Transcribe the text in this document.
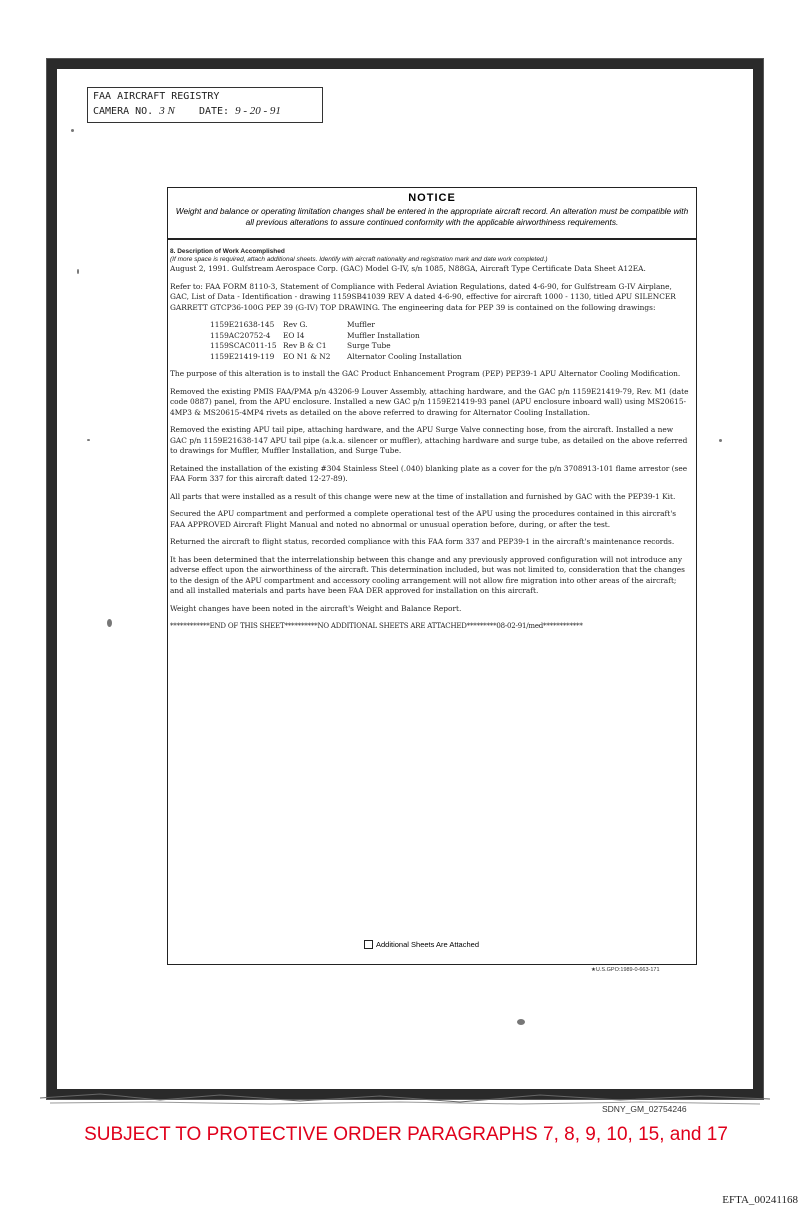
FAA AIRCRAFT REGISTRY
CAMERA NO. 3 N DATE: 9 - 20 - 91
NOTICE
Weight and balance or operating limitation changes shall be entered in the appropriate aircraft record. An alteration must be compatible with all previous alterations to assure continued conformity with the applicable airworthiness requirements.
8. Description of Work Accomplished
(If more space is required, attach additional sheets. Identify with aircraft nationality and registration mark and date work completed.)
August 2, 1991. Gulfstream Aerospace Corp. (GAC) Model G-IV, s/n 1085, N88GA, Aircraft Type Certificate Data Sheet A12EA.
Refer to: FAA FORM 8110-3, Statement of Compliance with Federal Aviation Regulations, dated 4-6-90, for Gulfstream G-IV Airplane, GAC, List of Data - Identification - drawing 1159SB41039 REV A dated 4-6-90, effective for aircraft 1000 - 1130, titled APU SILENCER GARRETT GTCP36-100G PEP 39 (G-IV) TOP DRAWING. The engineering data for PEP 39 is contained on the following drawings:
1159E21638-145	Rev G.	Muffler
1159AC20752-4	EO I4	Muffler Installation
1159SCAC011-15 Rev B & C1	Surge Tube
1159E21419-119	EO N1 & N2	Alternator Cooling Installation
The purpose of this alteration is to install the GAC Product Enhancement Program (PEP) PEP39-1 APU Alternator Cooling Modification.
Removed the existing PMIS FAA/PMA p/n 43206-9 Louver Assembly, attaching hardware, and the GAC p/n 1159E21419-79, Rev. M1 (date code 0887) panel, from the APU enclosure. Installed a new GAC p/n 1159E21419-93 panel (APU enclosure inboard wall) using MS20615-4MP3 & MS20615-4MP4 rivets as detailed on the above referred to drawing for Alternator Cooling Installation.
Removed the existing APU tail pipe, attaching hardware, and the APU Surge Valve connecting hose, from the aircraft. Installed a new GAC p/n 1159E21638-147 APU tail pipe (a.k.a. silencer or muffler), attaching hardware and surge tube, as detailed on the above referred to drawings for Muffler, Muffler Installation, and Surge Tube.
Retained the installation of the existing #304 Stainless Steel (.040) blanking plate as a cover for the p/n 3708913-101 flame arrestor (see FAA Form 337 for this aircraft dated 12-27-89).
All parts that were installed as a result of this change were new at the time of installation and furnished by GAC with the PEP39-1 Kit.
Secured the APU compartment and performed a complete operational test of the APU using the procedures contained in this aircraft's FAA APPROVED Aircraft Flight Manual and noted no abnormal or unusual operation before, during, or after the test.
Returned the aircraft to flight status, recorded compliance with this FAA form 337 and PEP39-1 in the aircraft's maintenance records.
It has been determined that the interrelationship between this change and any previously approved configuration will not introduce any adverse effect upon the airworthiness of the aircraft. This determination included, but was not limited to, consideration that the changes to the design of the APU compartment and accessory cooling arrangement will not allow fire migration into other areas of the aircraft; and all installed materials and parts have been FAA DER approved for installation on this aircraft.
Weight changes have been noted in the aircraft's Weight and Balance Report.
************END OF THIS SHEET**********NO ADDITIONAL SHEETS ARE ATTACHED*********08-02-91/med************
Additional Sheets Are Attached
★U.S.GPO:1989-0-663-171
SDNY_GM_02754246
SUBJECT TO PROTECTIVE ORDER PARAGRAPHS 7, 8, 9, 10, 15, and 17
EFTA_00241168
